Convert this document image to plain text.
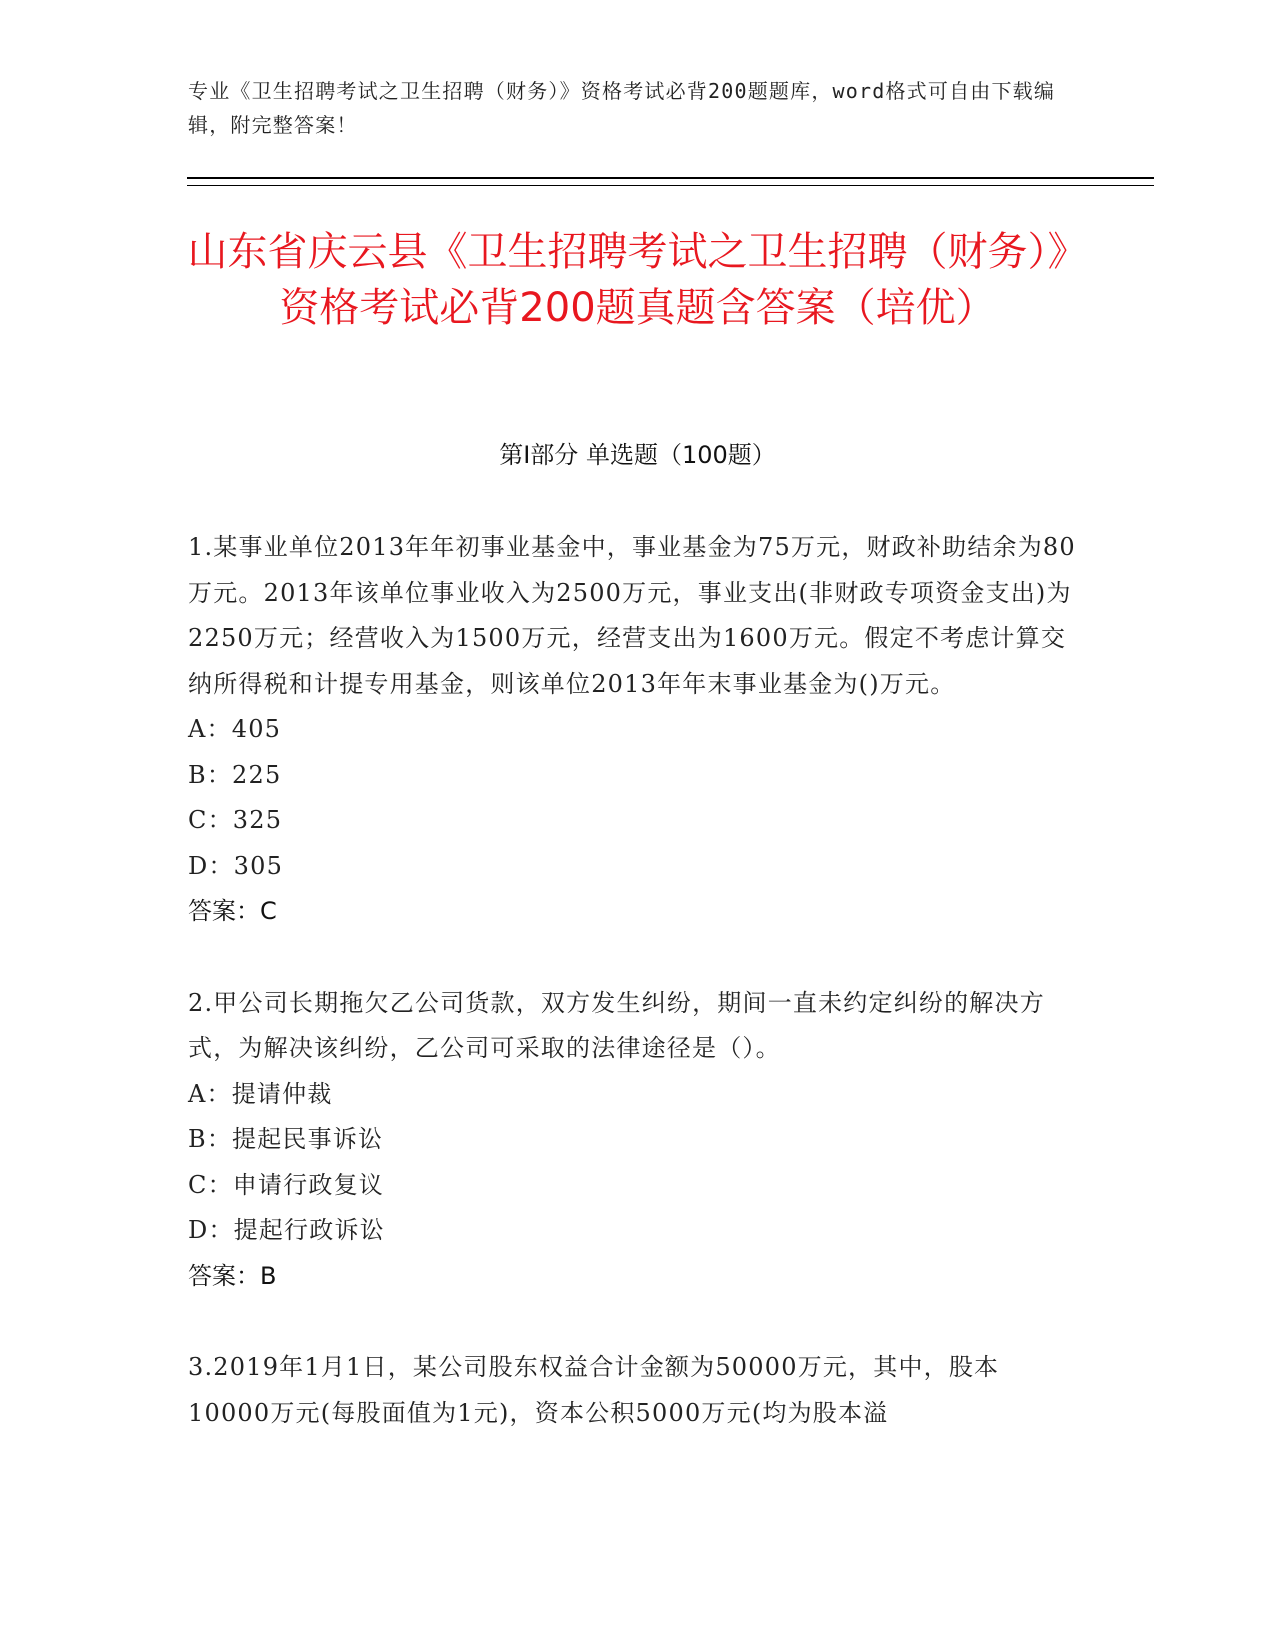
专业《卫生招聘考试之卫生招聘（财务）》资格考试必背200题题库，word格式可自由下载编辑，附完整答案！
山东省庆云县《卫生招聘考试之卫生招聘（财务）》资格考试必背200题真题含答案（培优）
第Ⅰ部分 单选题（100题）

1.某事业单位2013年年初事业基金中，事业基金为75万元，财政补助结余为80万元。2013年该单位事业收入为2500万元，事业支出(非财政专项资金支出)为2250万元；经营收入为1500万元，经营支出为1600万元。假定不考虑计算交纳所得税和计提专用基金，则该单位2013年年末事业基金为()万元。

A：405
B：225
C：325
D：305
答案：C

2.甲公司长期拖欠乙公司货款，双方发生纠纷，期间一直未约定纠纷的解决方式，为解决该纠纷，乙公司可采取的法律途径是（）。

A：提请仲裁
B：提起民事诉讼
C：申请行政复议
D：提起行政诉讼
答案：B

3.2019年1月1日，某公司股东权益合计金额为50000万元，其中，股本10000万元(每股面值为1元)，资本公积5000万元(均为股本溢
